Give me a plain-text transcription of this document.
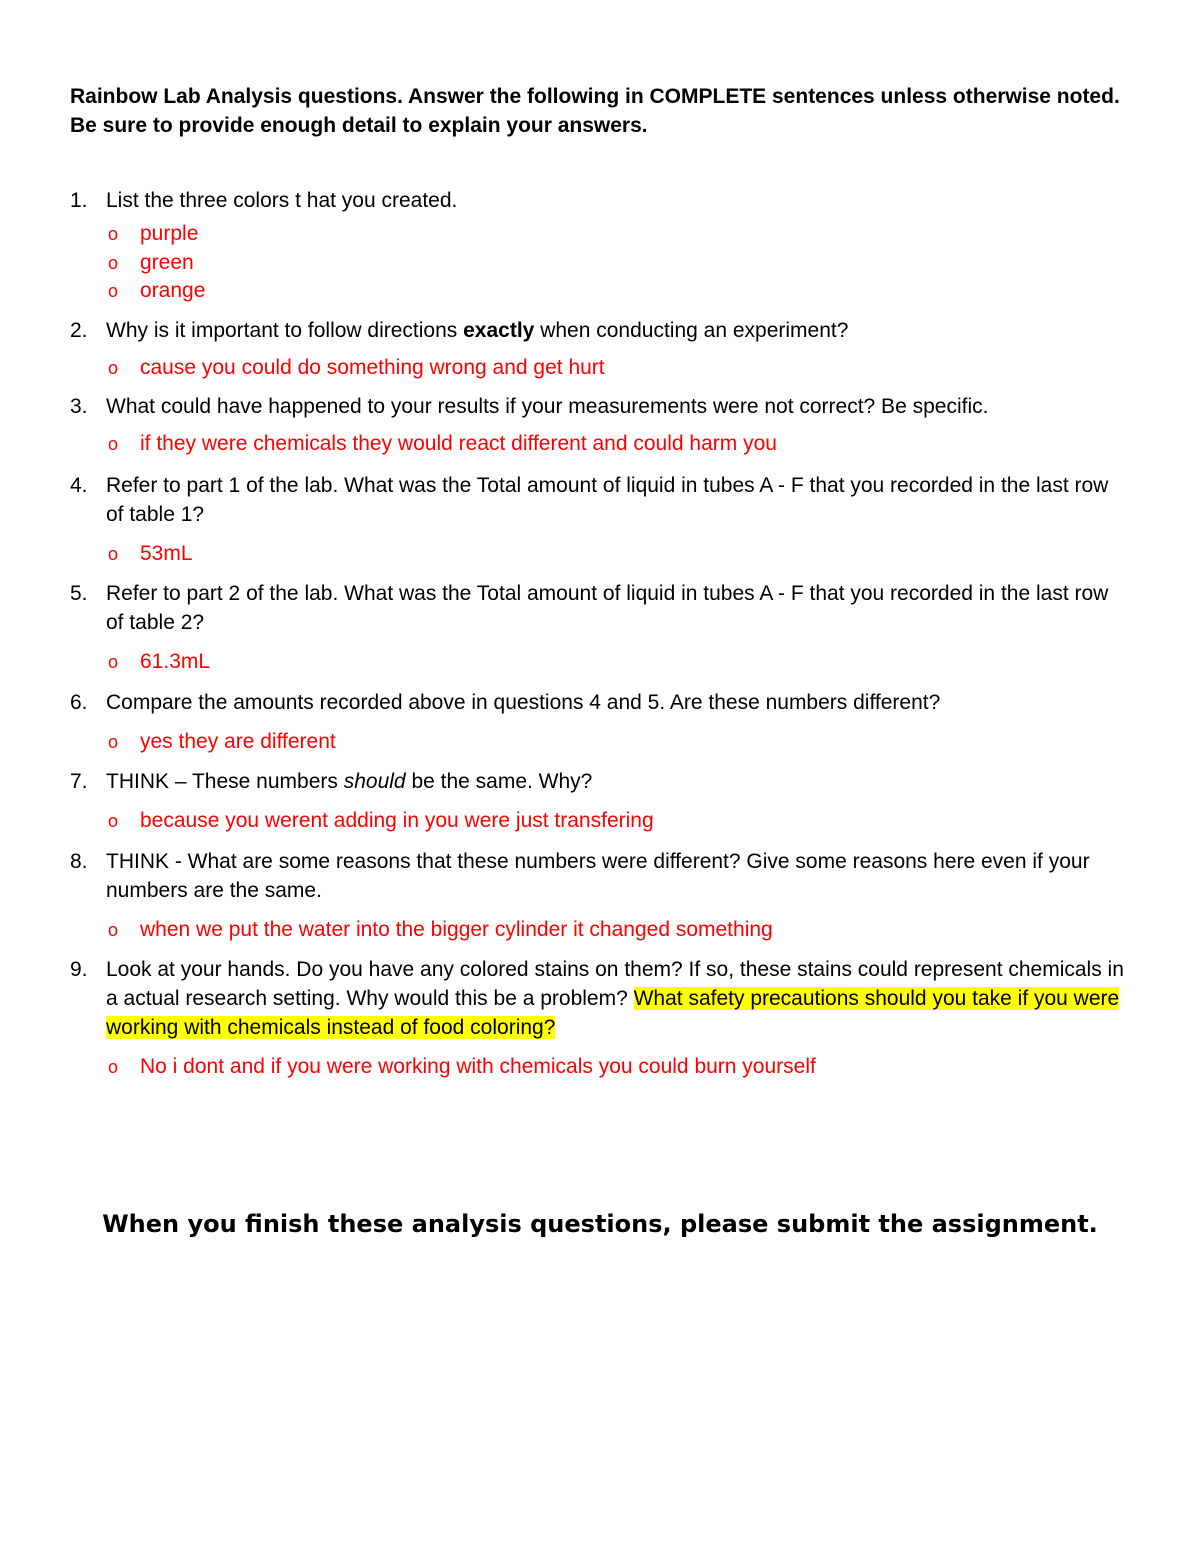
Rainbow Lab Analysis questions. Answer the following in COMPLETE sentences unless otherwise noted. Be sure to provide enough detail to explain your answers.

1. List the three colors t hat you created.
o purple
o green
o orange
2. Why is it important to follow directions exactly when conducting an experiment?
o cause you could do something wrong and get hurt
3. What could have happened to your results if your measurements were not correct? Be specific.
o if they were chemicals they would react different and could harm you
4. Refer to part 1 of the lab. What was the Total amount of liquid in tubes A - F that you recorded in the last row of table 1?
o 53mL
5. Refer to part 2 of the lab. What was the Total amount of liquid in tubes A - F that you recorded in the last row of table 2?
o 61.3mL
6. Compare the amounts recorded above in questions 4 and 5. Are these numbers different?
o yes they are different
7. THINK – These numbers should be the same. Why?
o because you werent adding in you were just transfering
8. THINK - What are some reasons that these numbers were different? Give some reasons here even if your numbers are the same.
o when we put the water into the bigger cylinder it changed something
9. Look at your hands. Do you have any colored stains on them? If so, these stains could represent chemicals in a actual research setting. Why would this be a problem? What safety precautions should you take if you were working with chemicals instead of food coloring?
o No i dont and if you were working with chemicals you could burn yourself
When you finish these analysis questions, please submit the assignment.
